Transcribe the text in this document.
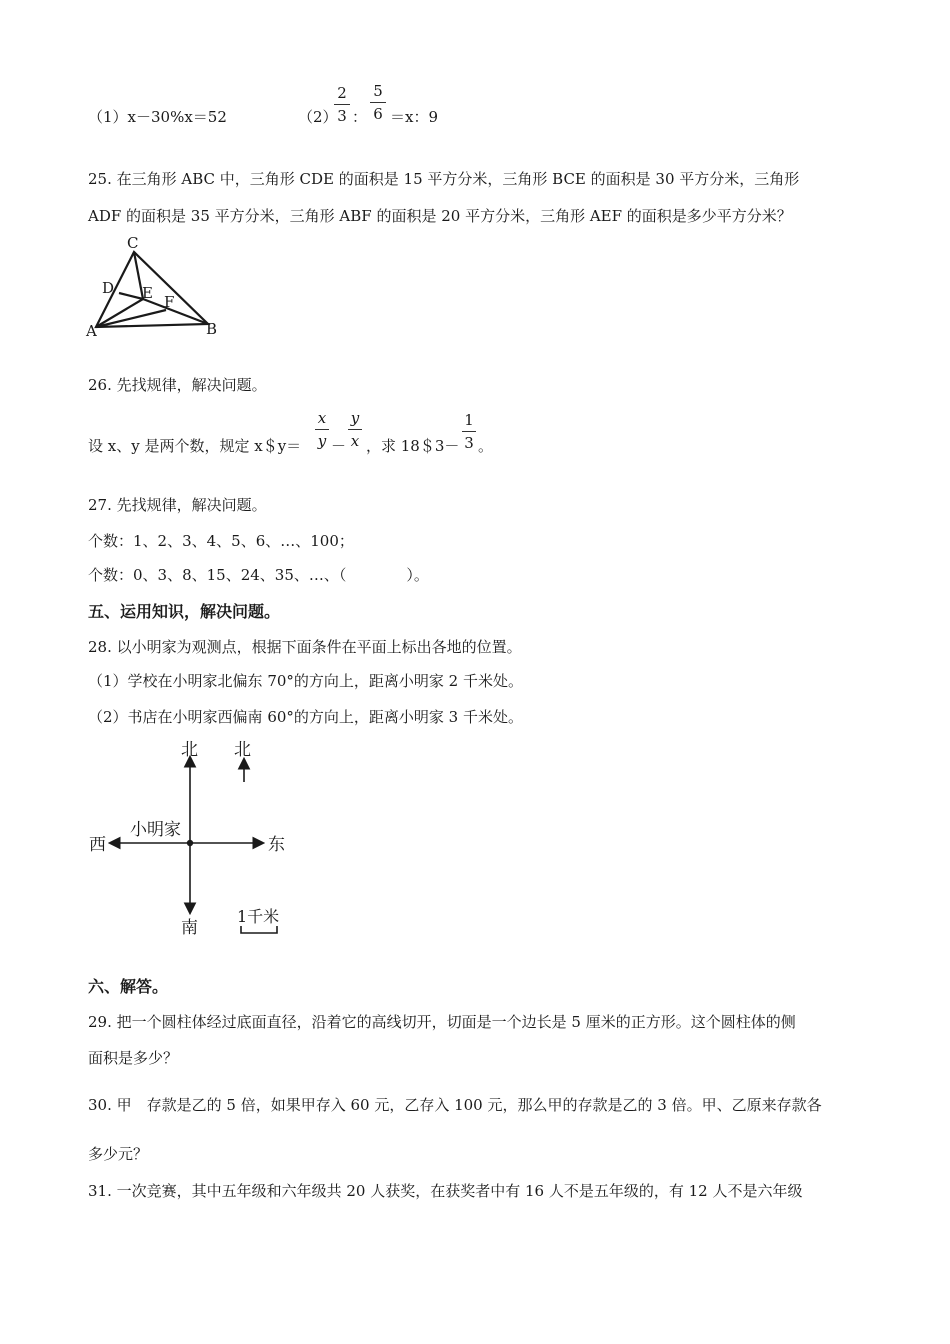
（1）x－30%x＝52	（2）
2
3 ：
5
6 ＝x：9
25. 在三角形 ABC 中，三角形 CDE 的面积是 15 平方分米，三角形 BCE 的面积是 30 平方分米，三角形
ADF 的面积是 35 平方分米，三角形 ABF 的面积是 20 平方分米，三角形 AEF 的面积是多少平方分米？
C
D E F
A	B
26. 先找规律，解决问题。
设 x、y 是两个数，规定 x＄y＝
x
y －
y
x ，求 18＄3－
1
3 。
27. 先找规律，解决问题。
个数：1、2、3、4、5、6、…、100；
个数：0、3、8、15、24、35、…、（　　　　）。
五、运用知识，解决问题。
28. 以小明家为观测点，根据下面条件在平面上标出各地的位置。
（1）学校在小明家北偏东 70°的方向上，距离小明家 2 千米处。
（2）书店在小明家西偏南 60°的方向上，距离小明家 3 千米处。
北 北
西	东
南
小明家
1千米
六、解答。
29. 把一个圆柱体经过底面直径，沿着它的高线切开，切面是一个边长是 5 厘米的正方形。这个圆柱体的侧
面积是多少？
30. 甲　存款是乙的 5 倍，如果甲存入 60 元，乙存入 100 元，那么甲的存款是乙的 3 倍。甲、乙原来存款各
多少元？
31. 一次竞赛，其中五年级和六年级共 20 人获奖，在获奖者中有 16 人不是五年级的，有 12 人不是六年级
